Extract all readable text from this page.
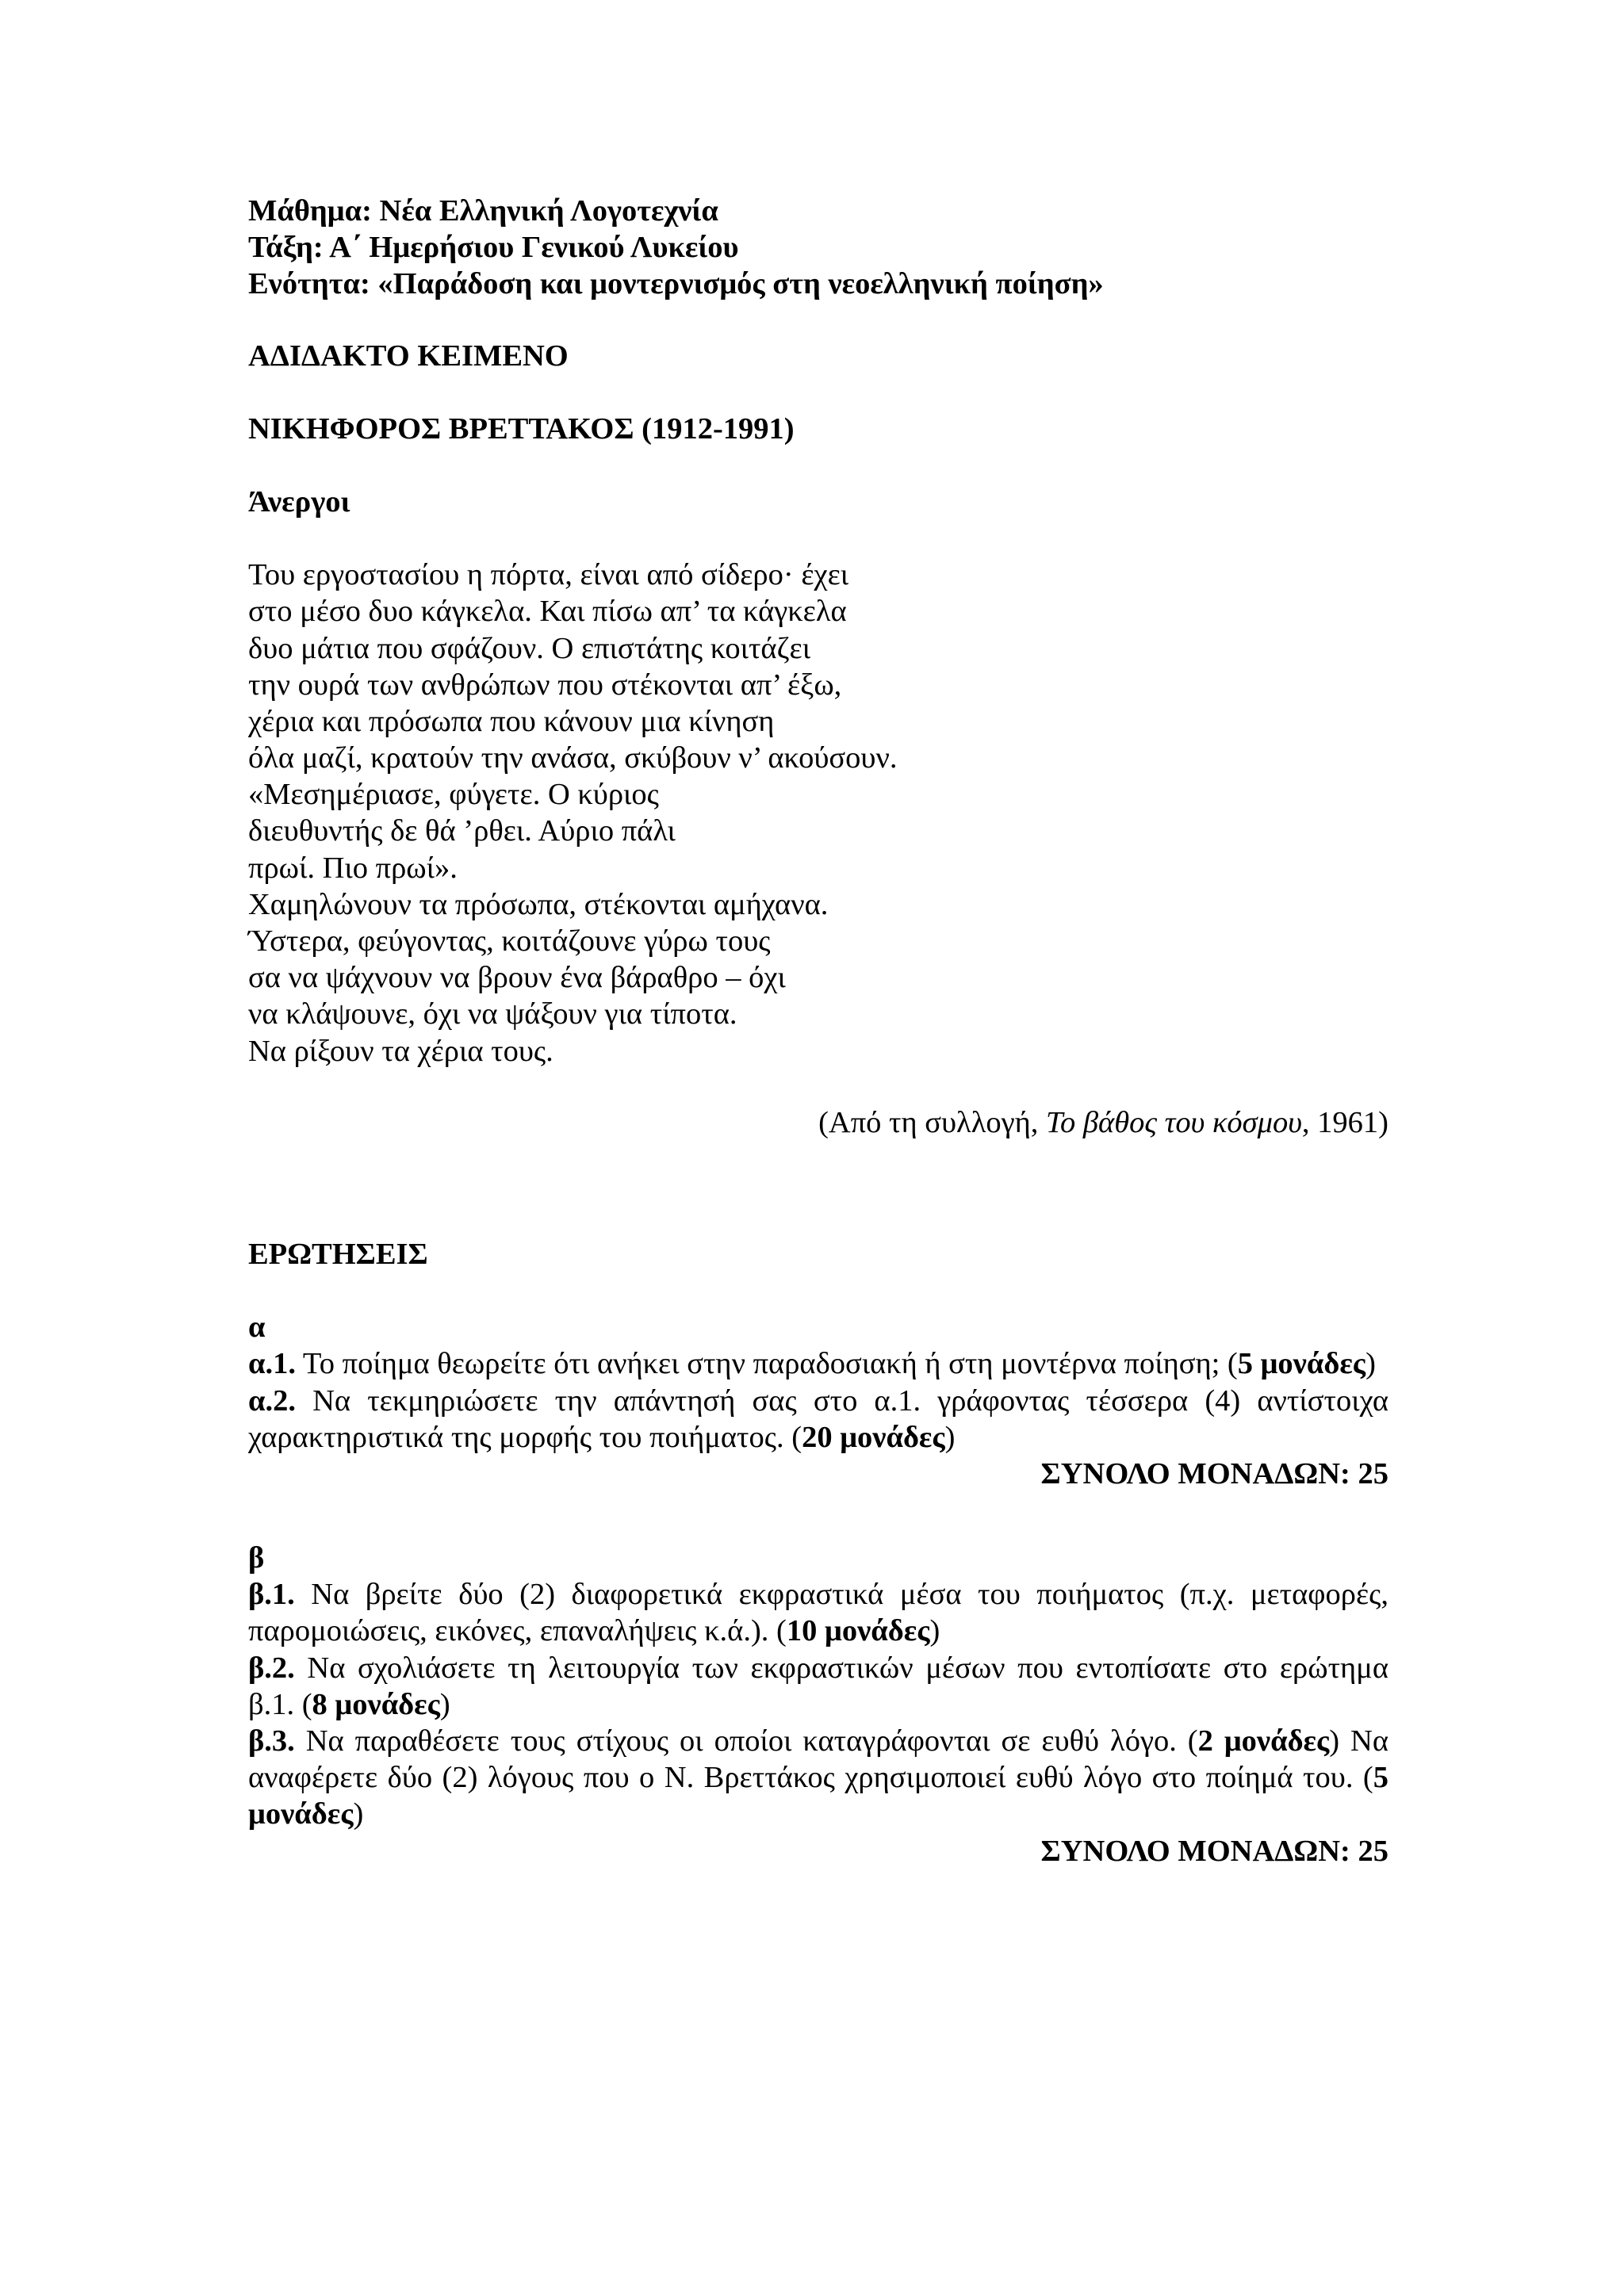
Μάθημα: Νέα Ελληνική Λογοτεχνία
Τάξη: Α΄ Ημερήσιου Γενικού Λυκείου
Ενότητα: «Παράδοση και μοντερνισμός στη νεοελληνική ποίηση»
ΑΔΙΔΑΚΤΟ ΚΕΙΜΕΝΟ
ΝΙΚΗΦΟΡΟΣ ΒΡΕΤΤΑΚΟΣ (1912-1991)
Άνεργοι
Του εργοστασίου η πόρτα, είναι από σίδερο· έχει
στο μέσο δυο κάγκελα. Και πίσω απ’ τα κάγκελα
δυο μάτια που σφάζουν. Ο επιστάτης κοιτάζει
την ουρά των ανθρώπων που στέκονται απ’ έξω,
χέρια και πρόσωπα που κάνουν μια κίνηση
όλα μαζί, κρατούν την ανάσα, σκύβουν ν’ ακούσουν.
«Μεσημέριασε, φύγετε. Ο κύριος
διευθυντής δε θά ’ρθει. Αύριο πάλι
πρωί. Πιο πρωί».
Χαμηλώνουν τα πρόσωπα, στέκονται αμήχανα.
Ύστερα, φεύγοντας, κοιτάζουνε γύρω τους
σα να ψάχνουν να βρουν ένα βάραθρο – όχι
να κλάψουνε, όχι να ψάξουν για τίποτα.
Να ρίξουν τα χέρια τους.

(Από τη συλλογή, Το βάθος του κόσμου, 1961)

ΕΡΩΤΗΣΕΙΣ
α

α.1. Το ποίημα θεωρείτε ότι ανήκει στην παραδοσιακή ή στη μοντέρνα ποίηση; (5 μονάδες)

α.2. Να τεκμηριώσετε την απάντησή σας στο α.1. γράφοντας τέσσερα (4) αντίστοιχα χαρακτηριστικά της μορφής του ποιήματος. (20 μονάδες)

ΣΥΝΟΛΟ ΜΟΝΑΔΩΝ: 25

β

β.1. Να βρείτε δύο (2) διαφορετικά εκφραστικά μέσα του ποιήματος (π.χ. μεταφορές, παρομοιώσεις, εικόνες, επαναλήψεις κ.ά.). (10 μονάδες)

β.2. Να σχολιάσετε τη λειτουργία των εκφραστικών μέσων που εντοπίσατε στο ερώτημα β.1. (8 μονάδες)

β.3. Να παραθέσετε τους στίχους οι οποίοι καταγράφονται σε ευθύ λόγο. (2 μονάδες) Να αναφέρετε δύο (2) λόγους που ο Ν. Βρεττάκος χρησιμοποιεί ευθύ λόγο στο ποίημά του. (5 μονάδες)

ΣΥΝΟΛΟ ΜΟΝΑΔΩΝ: 25
